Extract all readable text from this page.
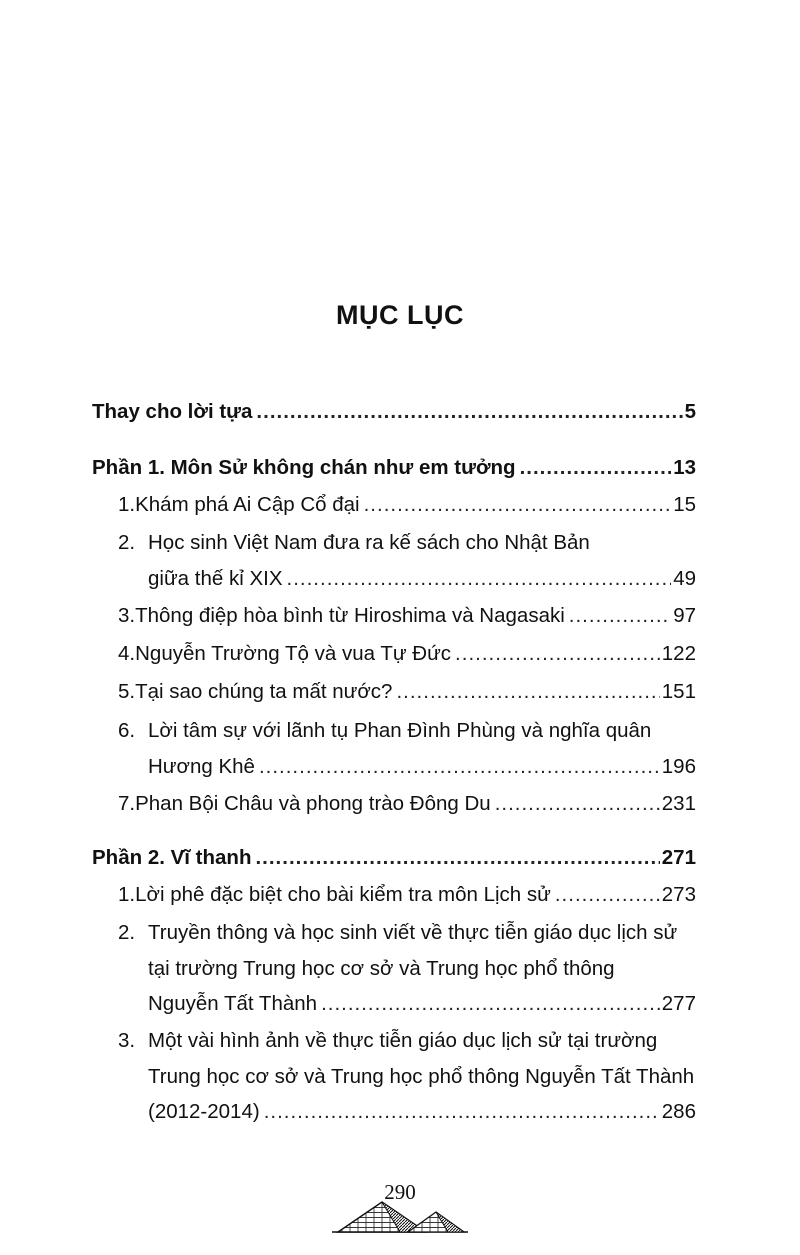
MỤC LỤC
Thay cho lời tựa .....	5
Phần 1. Môn Sử không chán như em tưởng .....	13
1. Khám phá Ai Cập Cổ đại .....	15
2. Học sinh Việt Nam đưa ra kế sách cho Nhật Bản
giữa thế kỉ XIX .....	49
3. Thông điệp hòa bình từ Hiroshima và Nagasaki .....	97
4. Nguyễn Trường Tộ và vua Tự Đức .....	122
5. Tại sao chúng ta mất nước? .....	151
6. Lời tâm sự với lãnh tụ Phan Đình Phùng và nghĩa quân
Hương Khê .....	196
7. Phan Bội Châu và phong trào Đông Du .....	231
Phần 2. Vĩ thanh .....	271
1. Lời phê đặc biệt cho bài kiểm tra môn Lịch sử .....	273
2. Truyền thông và học sinh viết về thực tiễn giáo dục lịch sử
tại trường Trung học cơ sở và Trung học phổ thông
Nguyễn Tất Thành .....	277
3. Một vài hình ảnh về thực tiễn giáo dục lịch sử tại trường
Trung học cơ sở và Trung học phổ thông Nguyễn Tất Thành
(2012-2014) .....	286
290
